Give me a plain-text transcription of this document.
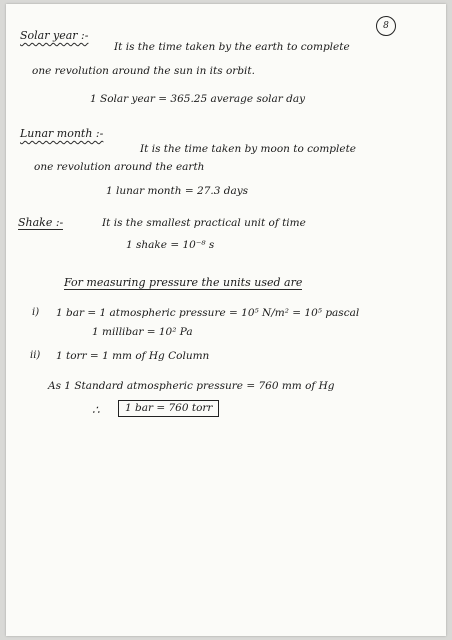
8
Solar year :-
It is the time taken by the earth to complete
one revolution around the sun in its orbit.
1 Solar year = 365.25 average solar day
Lunar month :-
It is the time taken by moon to complete
one revolution around the earth
1 lunar month = 27.3 days
Shake :-	It is the smallest practical unit of time
1 shake = 10⁻⁸ s
For measuring pressure the units used are
i) 1 bar = 1 atmospheric pressure = 10⁵ N/m² = 10⁵ pascal
1 millibar = 10² Pa
ii) 1 torr = 1 mm of Hg Column
As 1 Standard atmospheric pressure = 760 mm of Hg
∴	1 bar = 760 torr
